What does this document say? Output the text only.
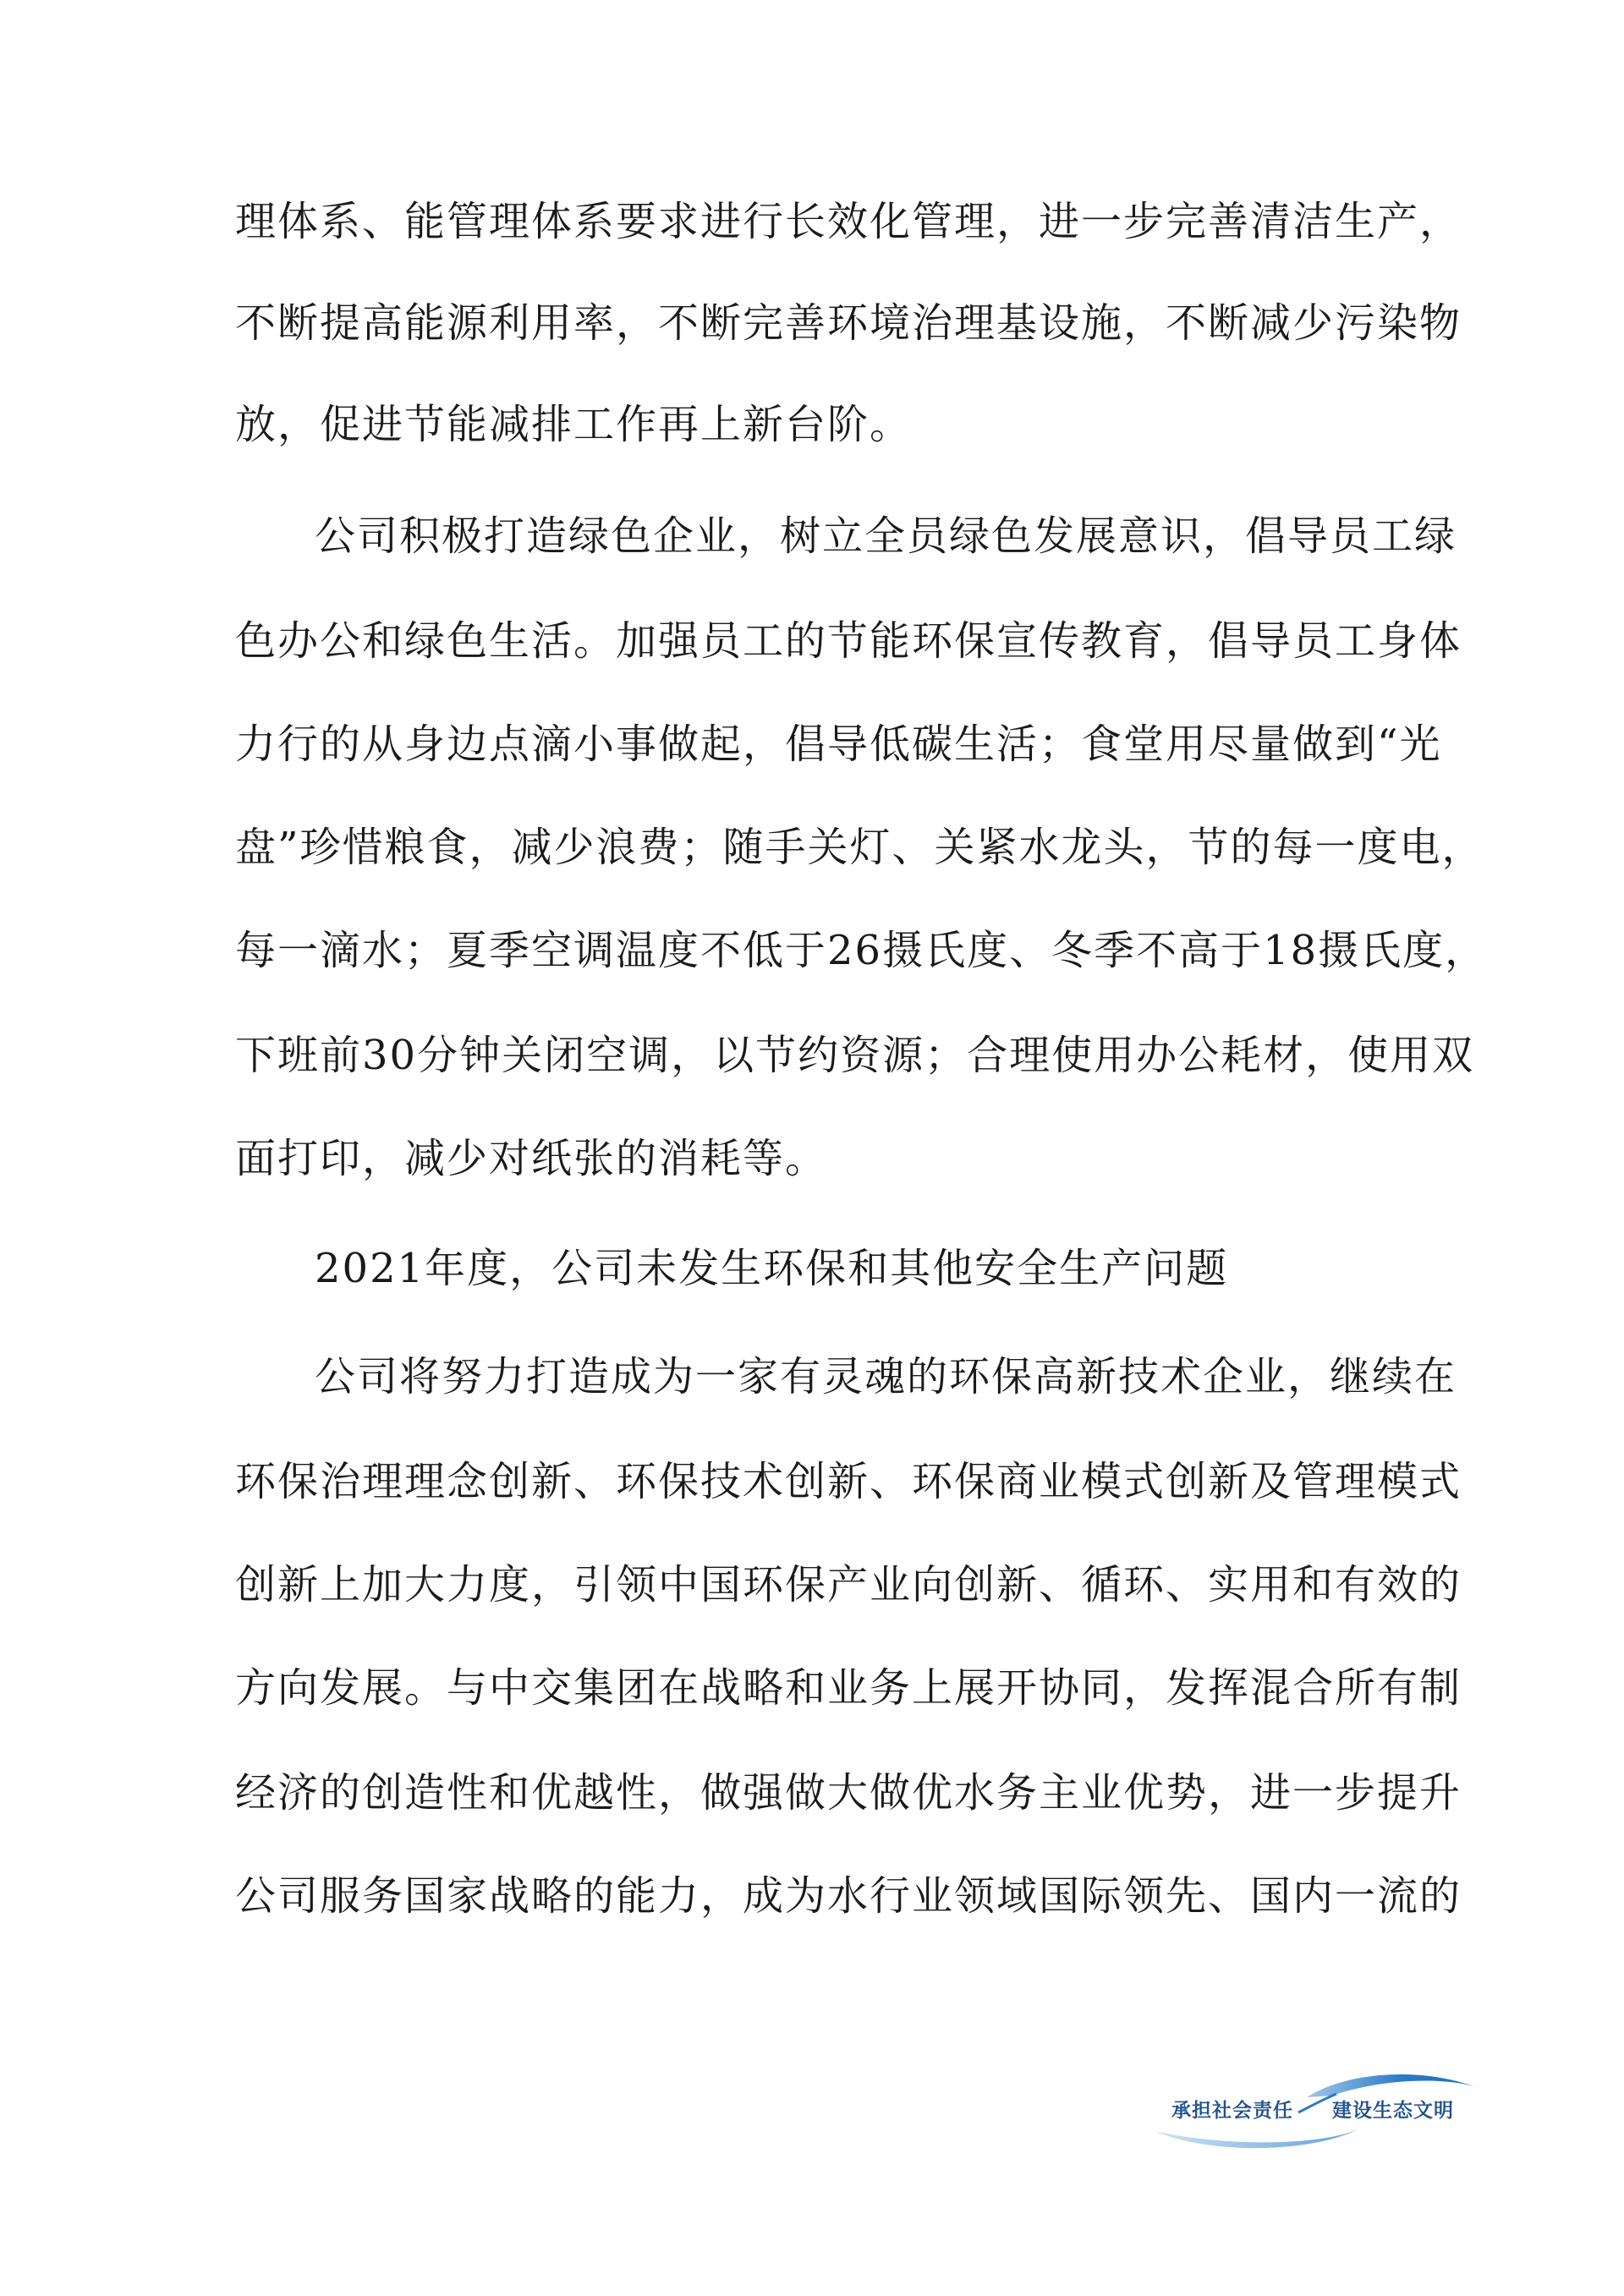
理体系、能管理体系要求进行长效化管理，进一步完善清洁生产，
不断提高能源利用率，不断完善环境治理基设施，不断减少污染物
放，促进节能减排工作再上新台阶。
公司积极打造绿色企业，树立全员绿色发展意识，倡导员工绿
色办公和绿色生活。加强员工的节能环保宣传教育，倡导员工身体
力行的从身边点滴小事做起，倡导低碳生活；食堂用尽量做到“光
盘”珍惜粮食，减少浪费；随手关灯、关紧水龙头，节的每一度电，
每一滴水；夏季空调温度不低于26摄氏度、冬季不高于18摄氏度，
下班前30分钟关闭空调，以节约资源；合理使用办公耗材，使用双
面打印，减少对纸张的消耗等。
2021年度，公司未发生环保和其他安全生产问题
公司将努力打造成为一家有灵魂的环保高新技术企业，继续在
环保治理理念创新、环保技术创新、环保商业模式创新及管理模式
创新上加大力度，引领中国环保产业向创新、循环、实用和有效的
方向发展。与中交集团在战略和业务上展开协同，发挥混合所有制
经济的创造性和优越性，做强做大做优水务主业优势，进一步提升
公司服务国家战略的能力，成为水行业领域国际领先、国内一流的
承担社会责任 建设生态文明
